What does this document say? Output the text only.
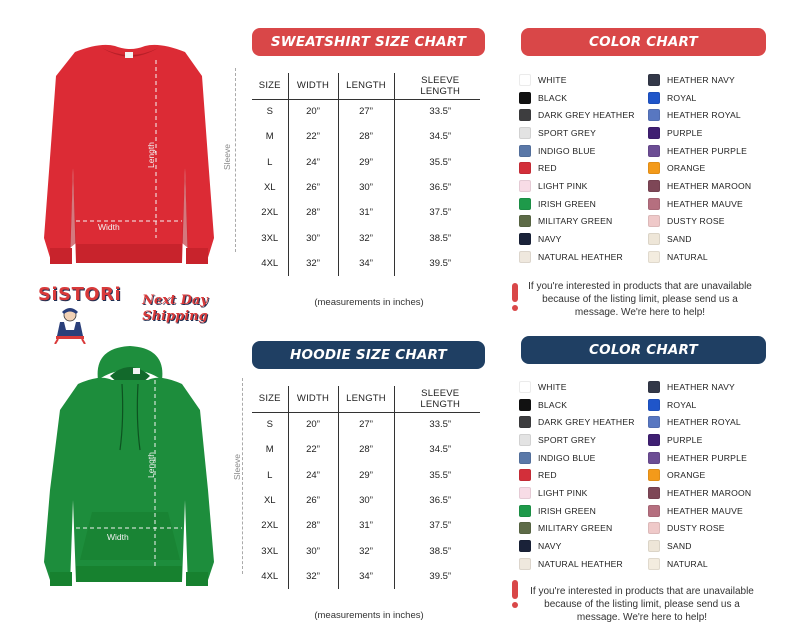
Length
Width
Sleeve
SWEATSHIRT SIZE CHART
SIZE	WIDTH	LENGTH	SLEEVE LENGTH
S	20”	27”	33.5”
M	22”	28”	34.5”
L	24”	29”	35.5”
XL	26”	30”	36.5”
2XL	28”	31”	37.5”
3XL	30”	32”	38.5”
4XL	32”	34”	39.5”
(measurements in inches)
SiSTORi Next Day
Shipping
Length
Width
Sleeve
HOODIE SIZE CHART
SIZE	WIDTH	LENGTH	SLEEVE LENGTH
S	20”	27”	33.5”
M	22”	28”	34.5”
L	24”	29”	35.5”
XL	26”	30”	36.5”
2XL	28”	31”	37.5”
3XL	30”	32”	38.5”
4XL	32”	34”	39.5”
(measurements in inches)
COLOR CHART
WHITE
BLACK
DARK GREY HEATHER
SPORT GREY
INDIGO BLUE
RED
LIGHT PINK
IRISH GREEN
MILITARY GREEN
NAVY
NATURAL HEATHER
HEATHER NAVY
ROYAL
HEATHER ROYAL
PURPLE
HEATHER PURPLE
ORANGE
HEATHER MAROON
HEATHER MAUVE
DUSTY ROSE
SAND
NATURAL
If you're interested in products that are unavailable because of the listing limit, please send us a message. We're here to help!
COLOR CHART
WHITE
BLACK
DARK GREY HEATHER
SPORT GREY
INDIGO BLUE
RED
LIGHT PINK
IRISH GREEN
MILITARY GREEN
NAVY
NATURAL HEATHER
HEATHER NAVY
ROYAL
HEATHER ROYAL
PURPLE
HEATHER PURPLE
ORANGE
HEATHER MAROON
HEATHER MAUVE
DUSTY ROSE
SAND
NATURAL
If you're interested in products that are unavailable because of the listing limit, please send us a message. We're here to help!
